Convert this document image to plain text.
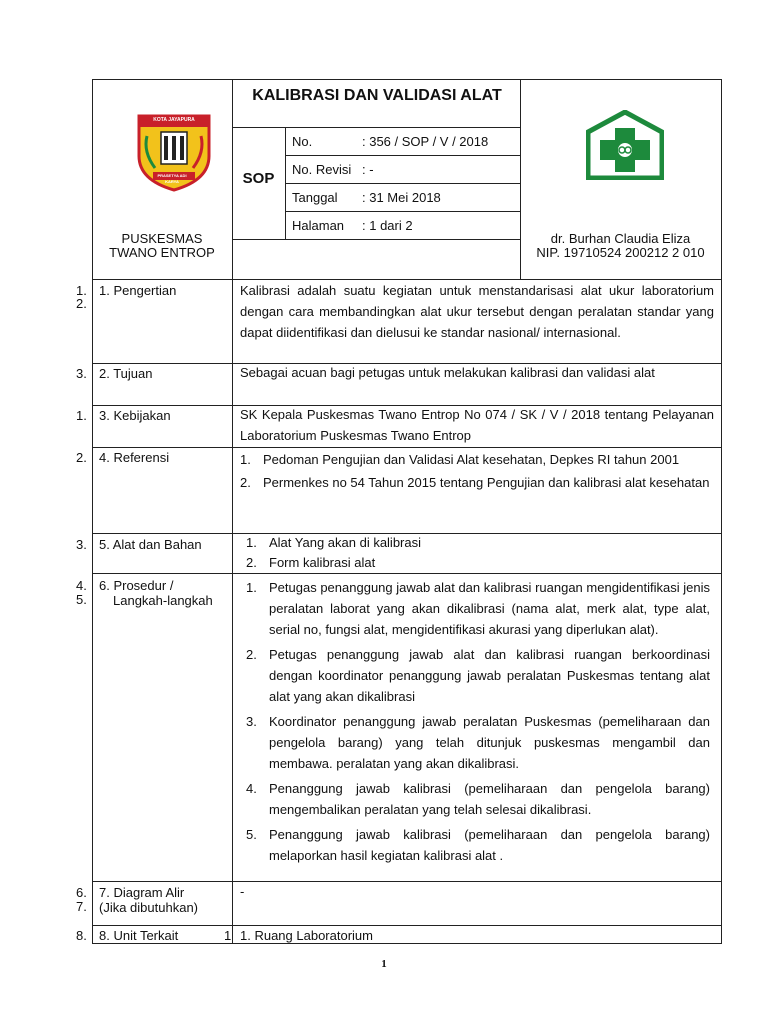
KOTA JAYAPURA
PRASETYA ADI KARYA
PUSKESMAS
TWANO ENTROP
KALIBRASI DAN VALIDASI ALAT
SOP
No.	: 356 / SOP / V / 2018
No. Revisi : -
Tanggal : 31 Mei 2018
Halaman : 1 dari 2
dr. Burhan Claudia Eliza
NIP. 19710524 200212 2 010
1.
2.
3.
1.
2.
3.
4.
5.
6.
7.
8.
1. Pengertian
2. Tujuan
3. Kebijakan
4. Referensi
5. Alat dan Bahan
6. Prosedur /
Langkah-langkah
7. Diagram Alir
(Jika dibutuhkan)
8. Unit Terkait	1
Kalibrasi adalah suatu kegiatan untuk menstandarisasi alat ukur laboratorium dengan cara membandingkan alat ukur tersebut dengan peralatan standar yang dapat diidentifikasi dan dielusui ke standar nasional/ internasional.
Sebagai acuan bagi petugas untuk melakukan kalibrasi dan validasi alat
SK Kepala Puskesmas Twano Entrop No 074 / SK / V / 2018 tentang Pelayanan Laboratorium Puskesmas Twano Entrop
1. Pedoman Pengujian dan Validasi Alat kesehatan, Depkes RI tahun 2001
2. Permenkes no 54 Tahun 2015 tentang Pengujian dan kalibrasi alat kesehatan
1. Alat Yang akan di kalibrasi
2. Form kalibrasi alat
1. Petugas penanggung jawab alat dan kalibrasi ruangan mengidentifikasi jenis peralatan laborat yang akan dikalibrasi (nama alat, merk alat, type alat, serial no, fungsi alat, mengidentifikasi akurasi yang diperlukan alat).
2. Petugas penanggung jawab alat dan kalibrasi ruangan berkoordinasi dengan koordinator penanggung jawab peralatan Puskesmas tentang alat alat yang akan dikalibrasi
3. Koordinator penanggung jawab peralatan Puskesmas (pemeliharaan dan pengelola barang) yang telah ditunjuk puskesmas mengambil dan membawa. peralatan yang akan dikalibrasi.
4. Penanggung jawab kalibrasi (pemeliharaan dan pengelola barang) mengembalikan peralatan yang telah selesai dikalibrasi.
5. Penanggung jawab kalibrasi (pemeliharaan dan pengelola barang) melaporkan hasil kegiatan kalibrasi alat .
-
1. Ruang Laboratorium
1
